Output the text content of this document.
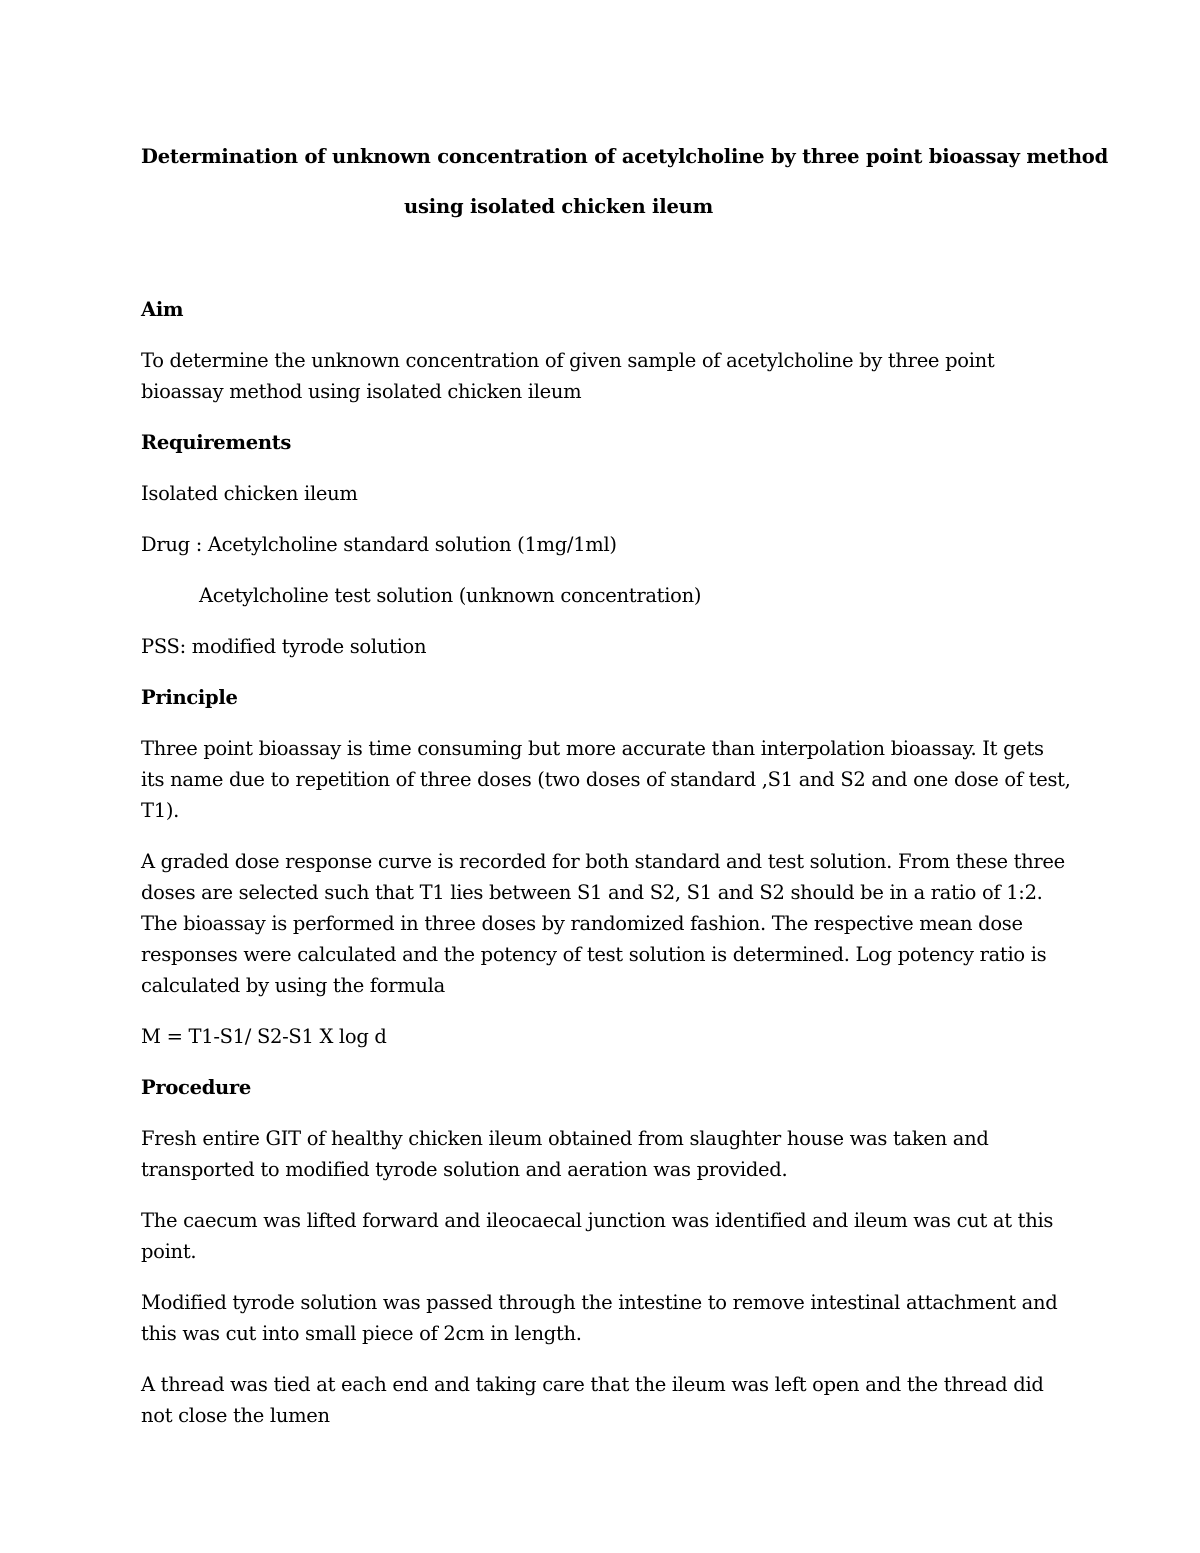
Determination of unknown concentration of acetylcholine by three point bioassay method
using isolated chicken ileum
Aim

To determine the unknown concentration of given sample of acetylcholine by three point bioassay method using isolated chicken ileum

Requirements

Isolated chicken ileum

Drug : Acetylcholine standard solution (1mg/1ml)

Acetylcholine test solution (unknown concentration)

PSS: modified tyrode solution

Principle

Three point bioassay is time consuming but more accurate than interpolation bioassay. It gets its name due to repetition of three doses (two doses of standard ,S1 and S2 and one dose of test, T1).

A graded dose response curve is recorded for both standard and test solution. From these three doses are selected such that T1 lies between S1 and S2, S1 and S2 should be in a ratio of 1:2. The bioassay is performed in three doses by randomized fashion. The respective mean dose responses were calculated and the potency of test solution is determined. Log potency ratio is calculated by using the formula

M = T1-S1/ S2-S1 X log d

Procedure

Fresh entire GIT of healthy chicken ileum obtained from slaughter house was taken and transported to modified tyrode solution and aeration was provided.

The caecum was lifted forward and ileocaecal junction was identified and ileum was cut at this point.

Modified tyrode solution was passed through the intestine to remove intestinal attachment and this was cut into small piece of 2cm in length.

A thread was tied at each end and taking care that the ileum was left open and the thread did not close the lumen
